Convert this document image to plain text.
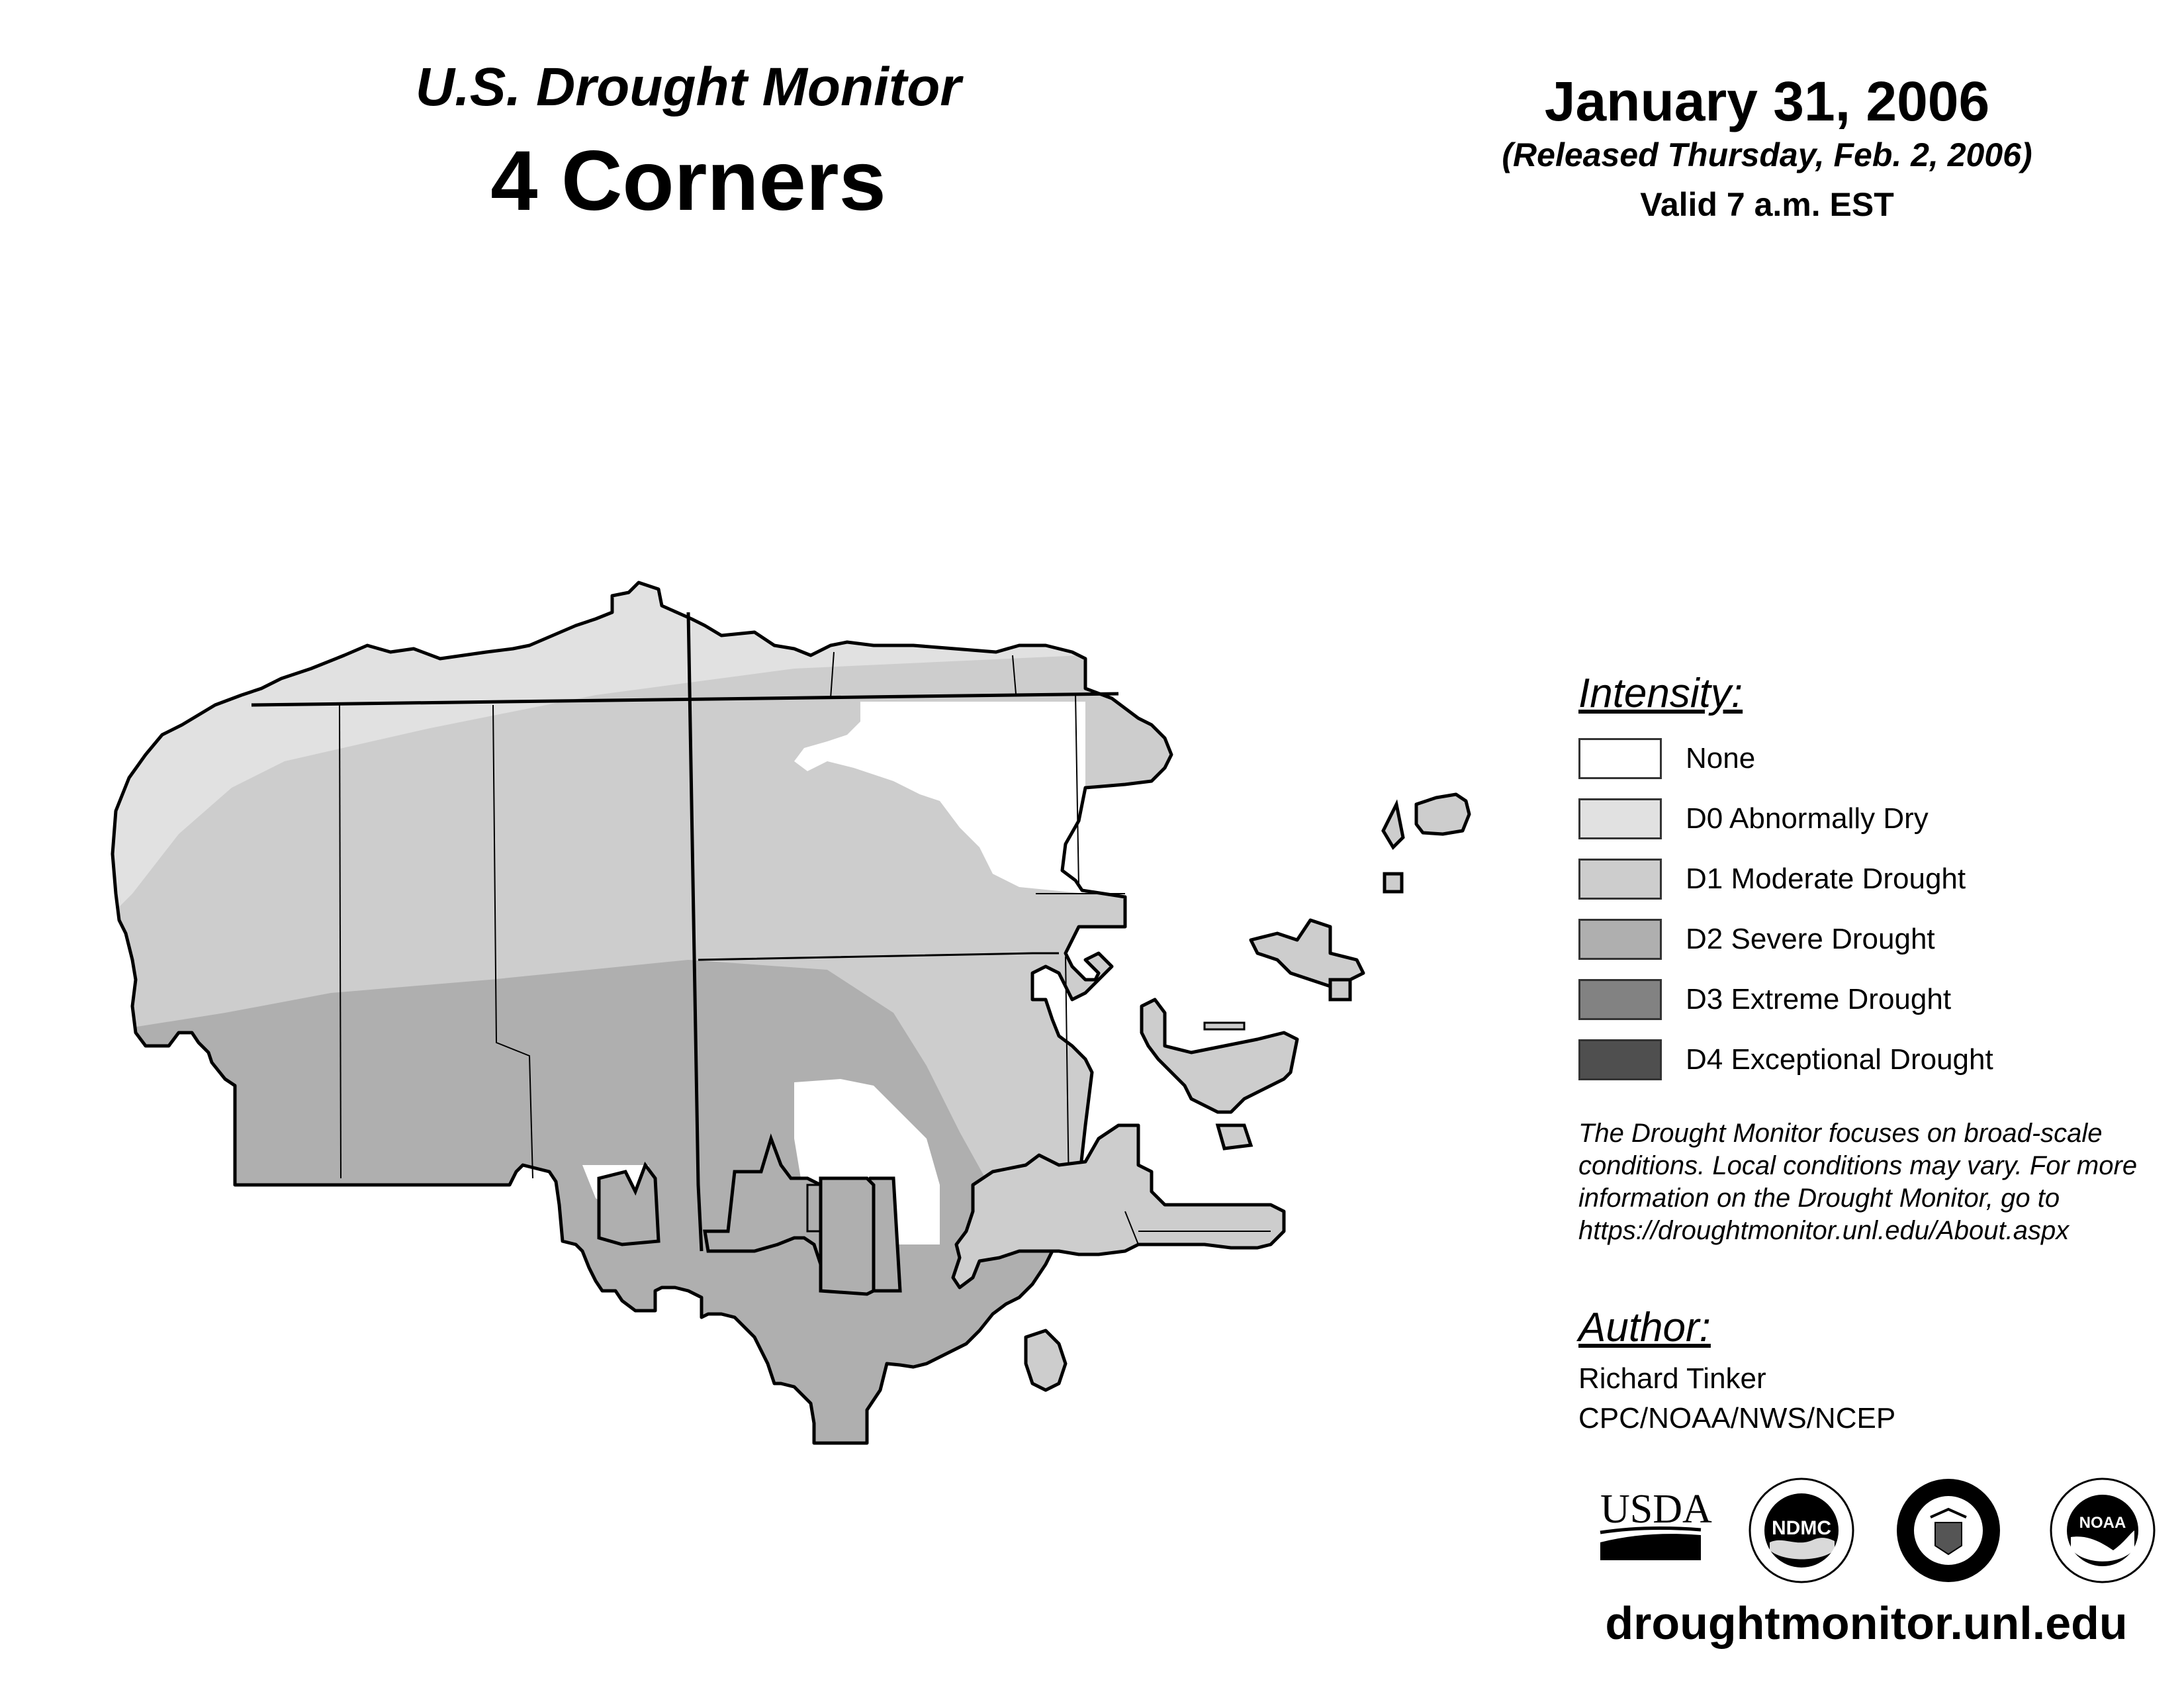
U.S. Drought Monitor
4 Corners
January 31, 2006
(Released Thursday, Feb. 2, 2006)
Valid 7 a.m. EST
Intensity:
None
D0 Abnormally Dry
D1 Moderate Drought
D2 Severe Drought
D3 Extreme Drought
D4 Exceptional Drought
The Drought Monitor focuses on broad-scale conditions. Local conditions may vary. For more information on the Drought Monitor, go to https://droughtmonitor.unl.edu/About.aspx
Author:
Richard Tinker
CPC/NOAA/NWS/NCEP
USDA	NDMC	NOAA
droughtmonitor.unl.edu
